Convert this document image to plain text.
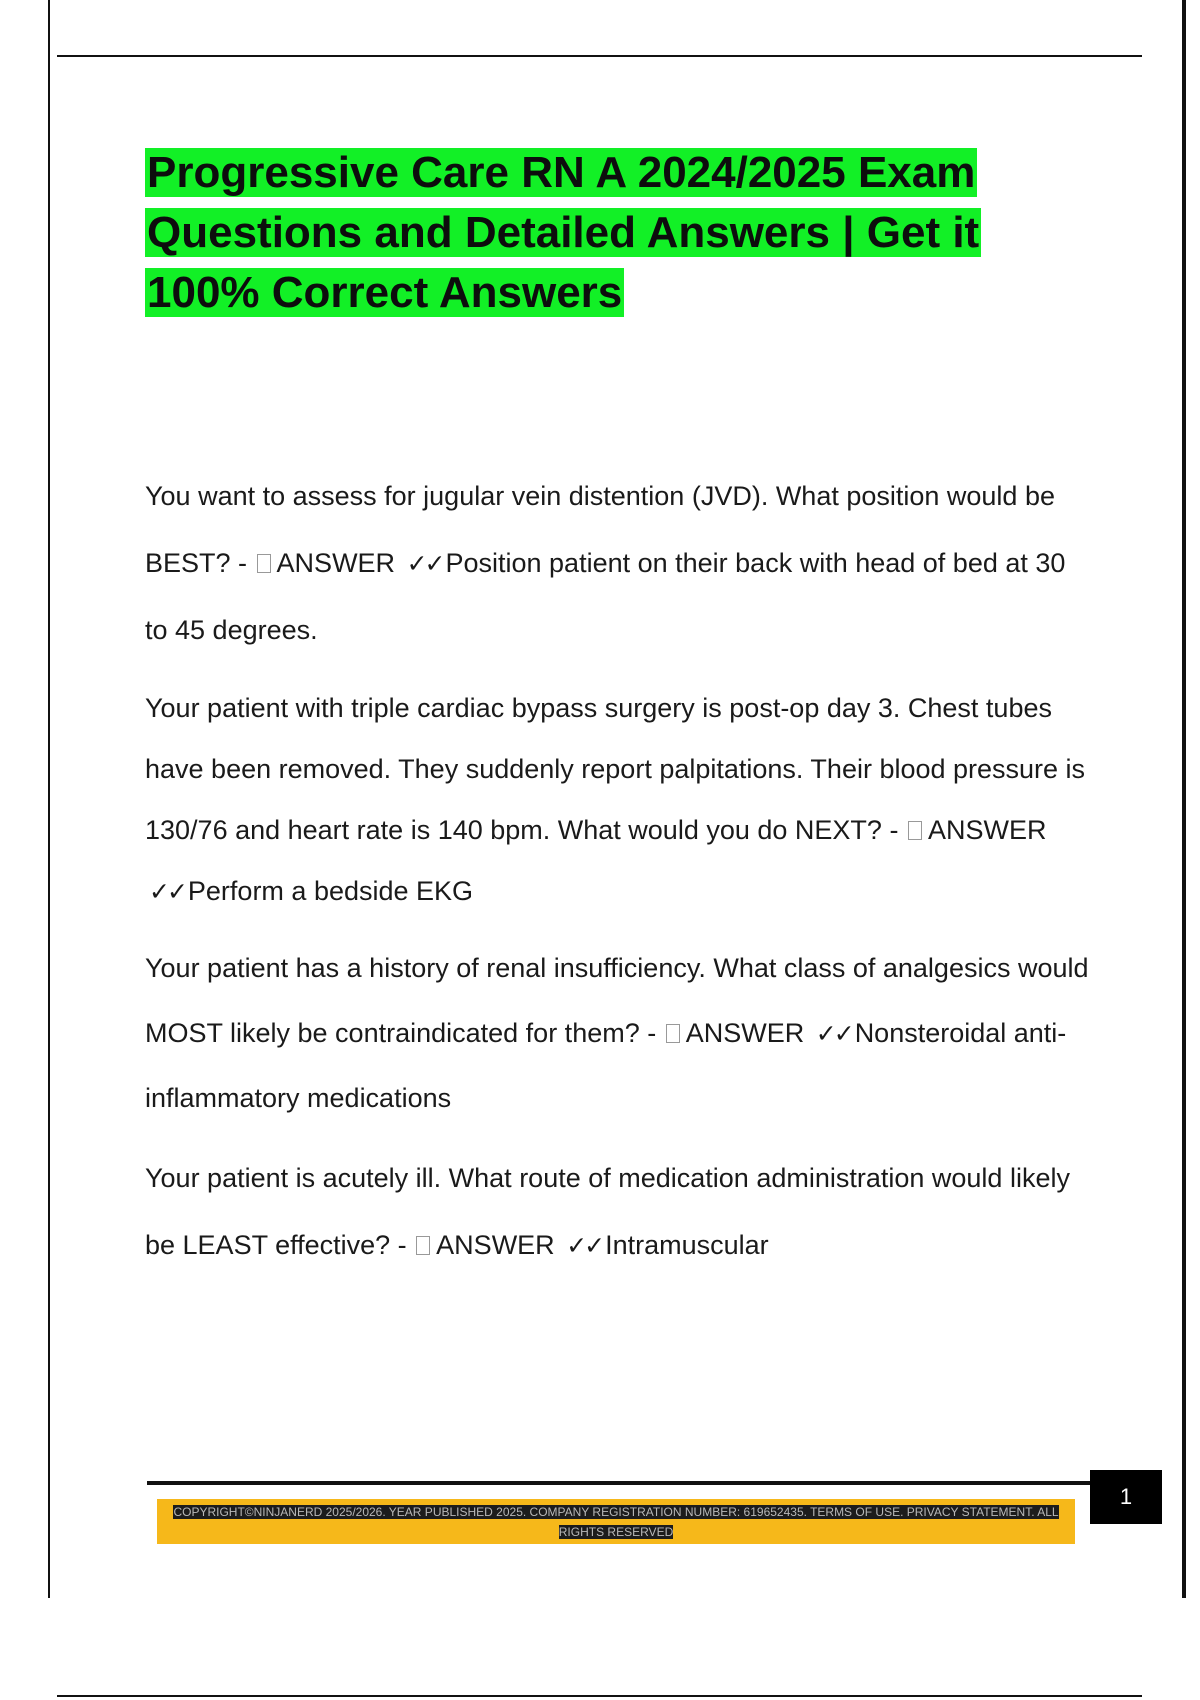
Progressive Care RN A 2024/2025 Exam Questions and Detailed Answers | Get it 100% Correct Answers

You want to assess for jugular vein distention (JVD). What position would be BEST? - ANSWER ✓✓ Position patient on their back with head of bed at 30 to 45 degrees.

Your patient with triple cardiac bypass surgery is post-op day 3. Chest tubes have been removed. They suddenly report palpitations. Their blood pressure is 130/76 and heart rate is 140 bpm. What would you do NEXT? - ANSWER ✓✓ Perform a bedside EKG

Your patient has a history of renal insufficiency. What class of analgesics would MOST likely be contraindicated for them? - ANSWER ✓✓ Nonsteroidal anti-inflammatory medications

Your patient is acutely ill. What route of medication administration would likely be LEAST effective? - ANSWER ✓✓ Intramuscular

1
COPYRIGHT©NINJANERD 2025/2026. YEAR PUBLISHED 2025. COMPANY REGISTRATION NUMBER: 619652435. TERMS OF USE. PRIVACY STATEMENT. ALL RIGHTS RESERVED
